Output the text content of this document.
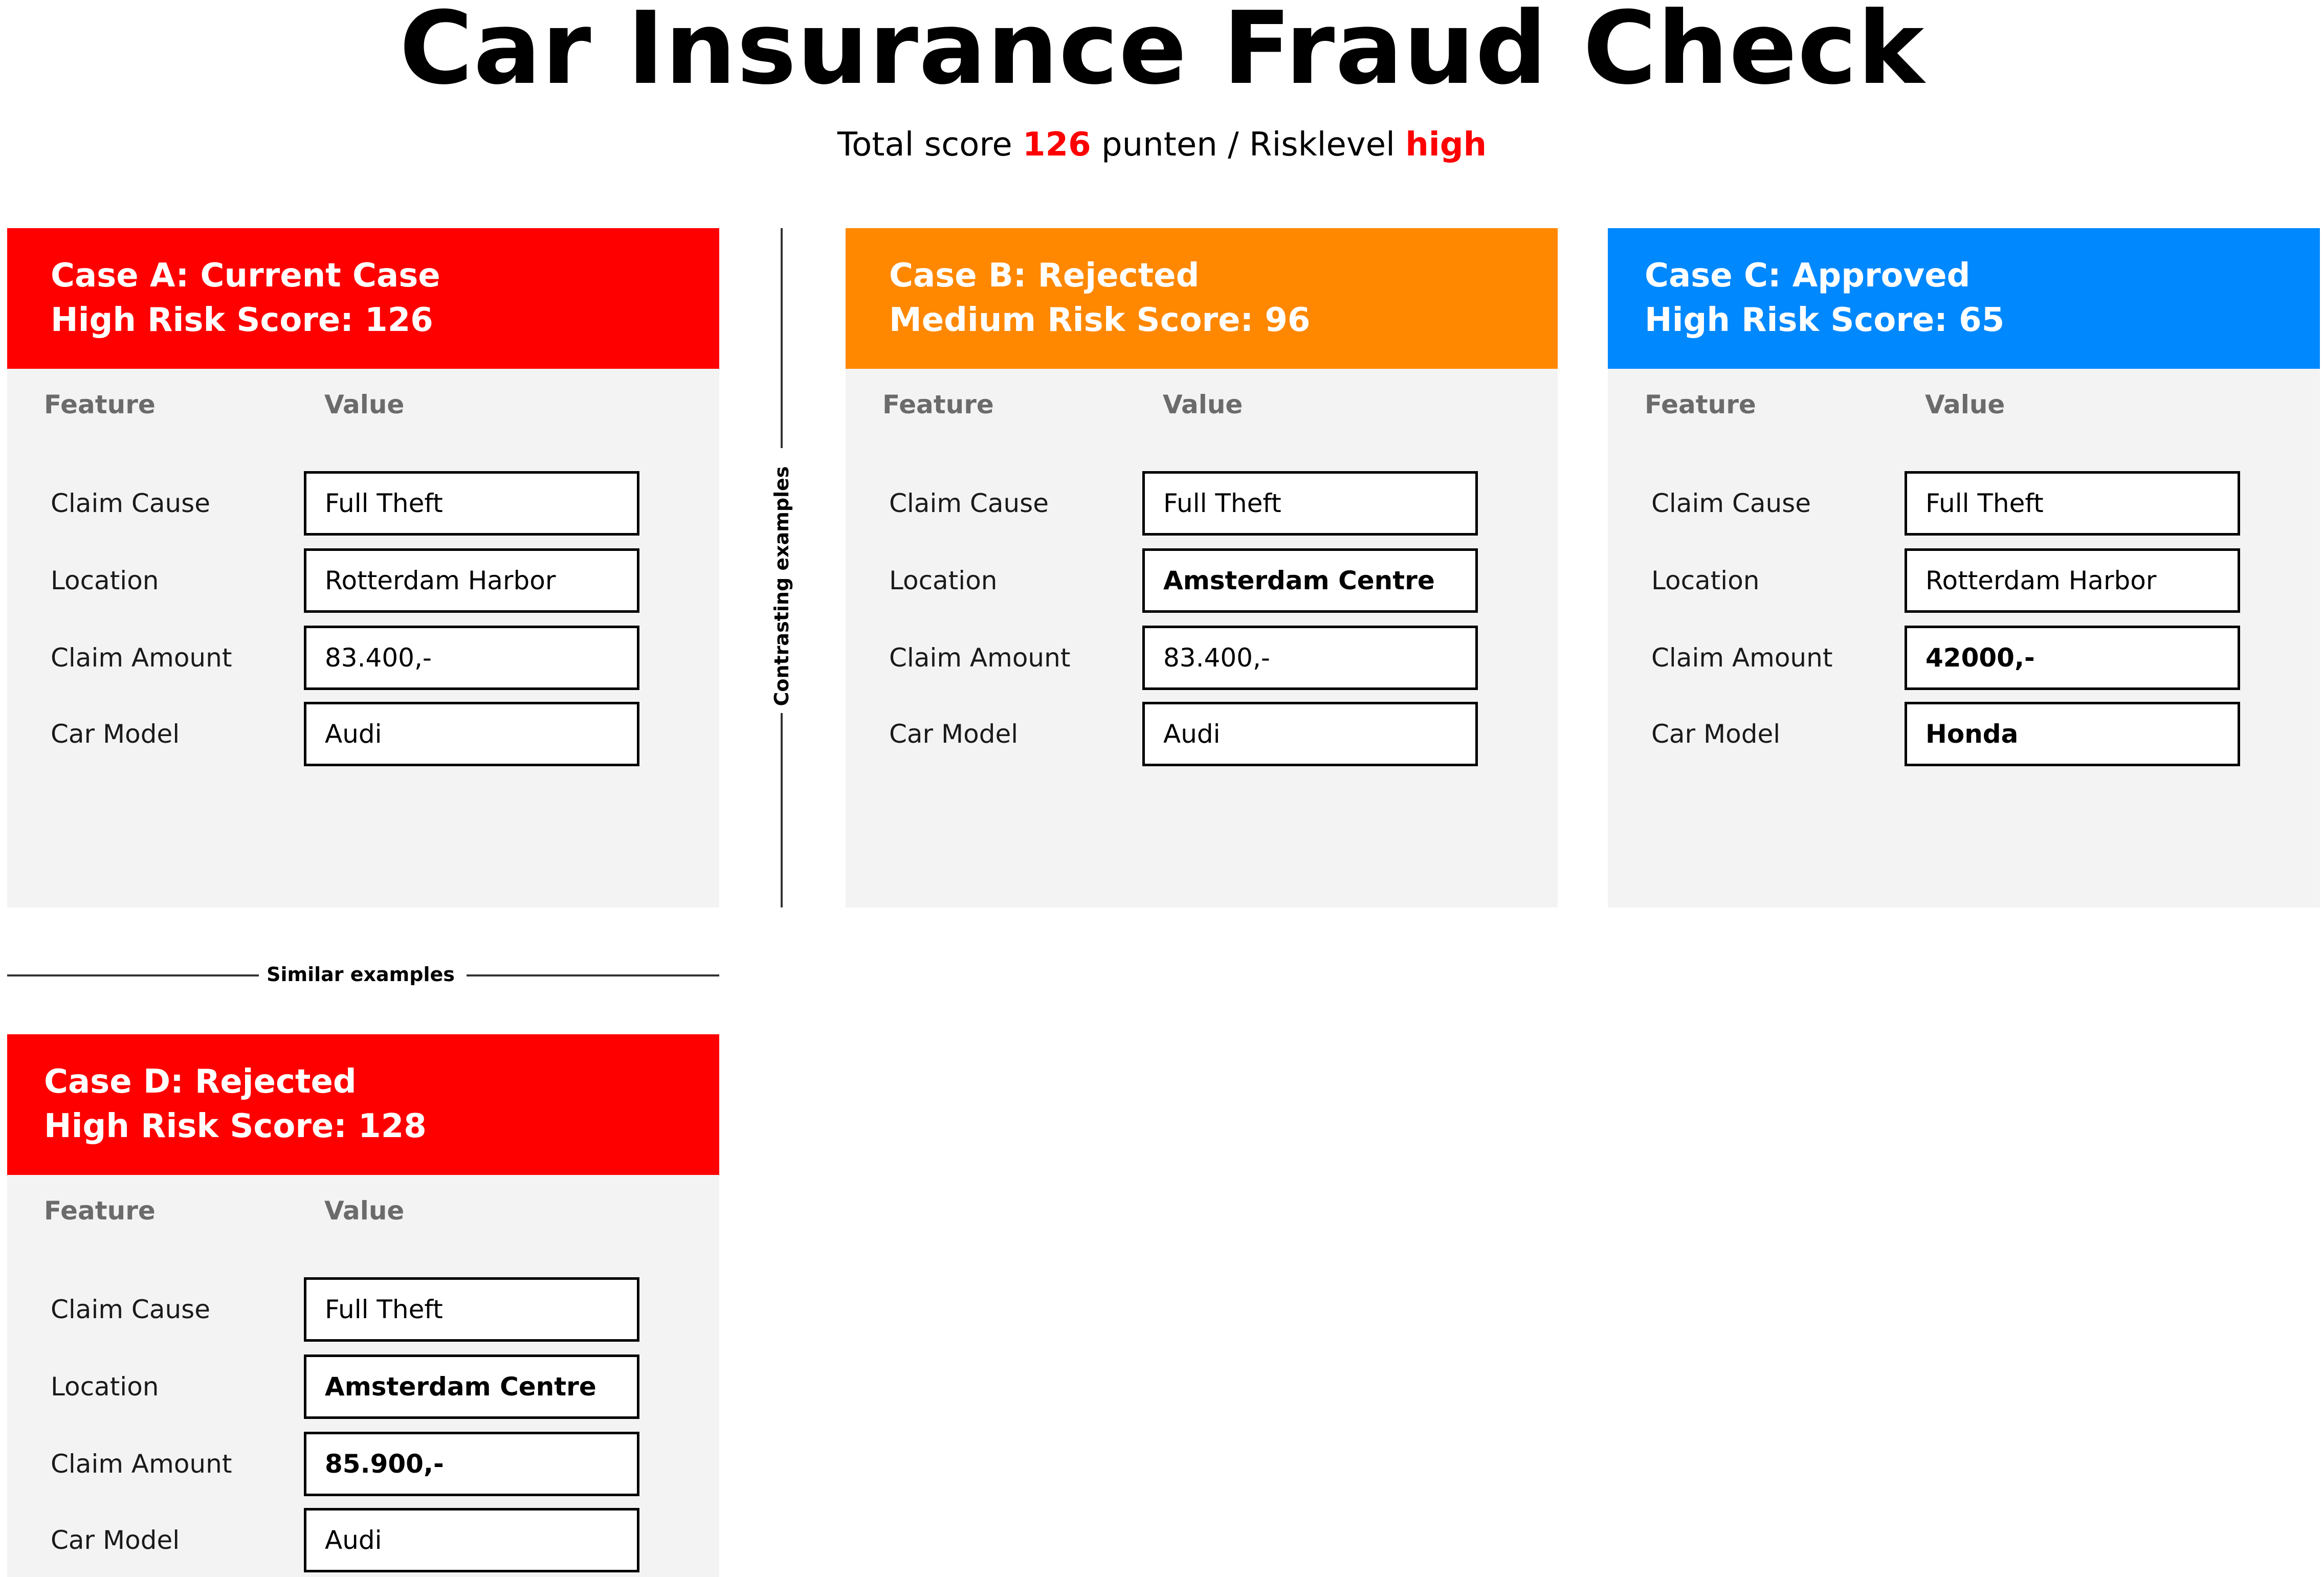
Car Insurance Fraud Check
Total score 126 punten / Risklevel high
Case A: Current Case
High Risk Score: 126
Feature	Value
Claim Cause	Full Theft
Location	Rotterdam Harbor
Claim Amount	83.400,-
Car Model	Audi
Case B: Rejected
Medium Risk Score: 96
Feature	Value
Claim Cause	Full Theft
Location	Amsterdam Centre
Claim Amount	83.400,-
Car Model	Audi
Case C: Approved
High Risk Score: 65
Feature	Value
Claim Cause	Full Theft
Location	Rotterdam Harbor
Claim Amount	42000,-
Car Model	Honda
Contrasting examples
Similar examples
Case D: Rejected
High Risk Score: 128
Feature	Value
Claim Cause	Full Theft
Location	Amsterdam Centre
Claim Amount	85.900,-
Car Model	Audi
